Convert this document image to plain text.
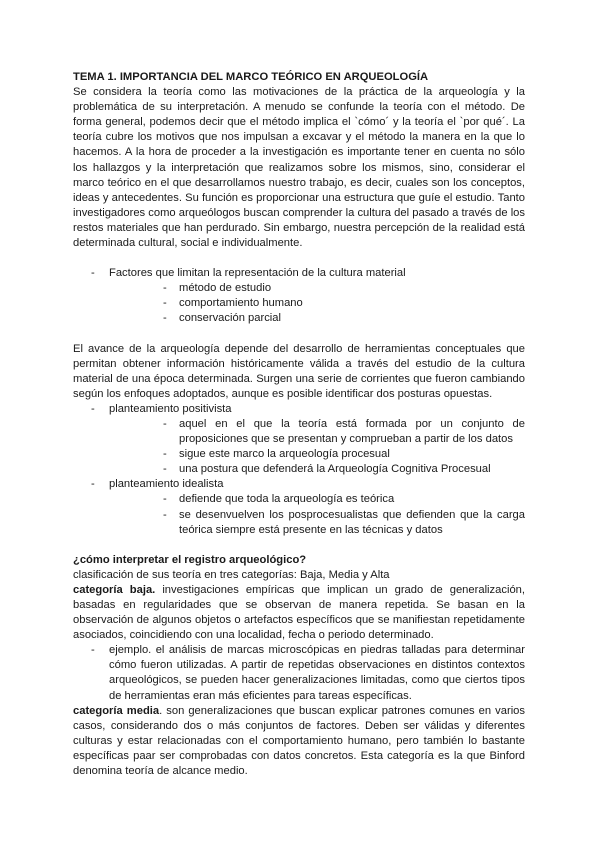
TEMA 1. IMPORTANCIA DEL MARCO TEÓRICO EN ARQUEOLOGÍA

Se considera la teoría como las motivaciones de la práctica de la arqueología y la problemática de su interpretación. A menudo se confunde la teoría con el método. De forma general, podemos decir que el método implica el `cómo´ y la teoría el `por qué´. La teoría cubre los motivos que nos impulsan a excavar y el método la manera en la que lo hacemos. A la hora de proceder a la investigación es importante tener en cuenta no sólo los hallazgos y la interpretación que realizamos sobre los mismos, sino, considerar el marco teórico en el que desarrollamos nuestro trabajo, es decir, cuales son los conceptos, ideas y antecedentes. Su función es proporcionar una estructura que guíe el estudio. Tanto investigadores como arqueólogos buscan comprender la cultura del pasado a través de los restos materiales que han perdurado. Sin embargo, nuestra percepción de la realidad está determinada cultural, social e individualmente.

- Factores que limitan la representación de la cultura material
- método de estudio
- comportamiento humano
- conservación parcial

El avance de la arqueología depende del desarrollo de herramientas conceptuales que permitan obtener información históricamente válida a través del estudio de la cultura material de una época determinada. Surgen una serie de corrientes que fueron cambiando según los enfoques adoptados, aunque es posible identificar dos posturas opuestas.

- planteamiento positivista
- aquel en el que la teoría está formada por un conjunto de proposiciones que se presentan y comprueban a partir de los datos
- sigue este marco la arqueología procesual
- una postura que defenderá la Arqueología Cognitiva Procesual
- planteamiento idealista
- defiende que toda la arqueología es teórica
- se desenvuelven los posprocesualistas que defienden que la carga teórica siempre está presente en las técnicas y datos

¿cómo interpretar el registro arqueológico?

clasificación de sus teoría en tres categorías: Baja, Media y Alta

categoría baja. investigaciones empíricas que implican un grado de generalización, basadas en regularidades que se observan de manera repetida. Se basan en la observación de algunos objetos o artefactos específicos que se manifiestan repetidamente asociados, coincidiendo con una localidad, fecha o periodo determinado.

- ejemplo. el análisis de marcas microscópicas en piedras talladas para determinar cómo fueron utilizadas. A partir de repetidas observaciones en distintos contextos arqueológicos, se pueden hacer generalizaciones limitadas, como que ciertos tipos de herramientas eran más eficientes para tareas específicas.

categoría media. son generalizaciones que buscan explicar patrones comunes en varios casos, considerando dos o más conjuntos de factores. Deben ser válidas y diferentes culturas y estar relacionadas con el comportamiento humano, pero también lo bastante específicas paar ser comprobadas con datos concretos. Esta categoría es la que Binford denomina teoría de alcance medio.
